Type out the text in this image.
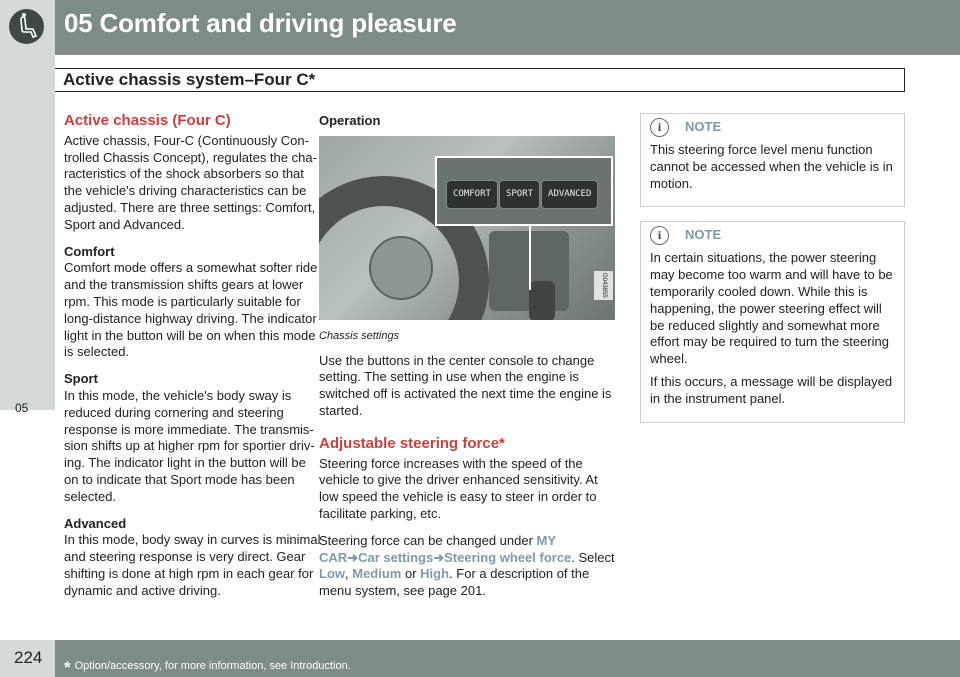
05 Comfort and driving pleasure
Active chassis system–Four C*
05
Active chassis (Four C)

Active chassis, Four-C (Continuously Con-trolled Chassis Concept), regulates the cha-racteristics of the shock absorbers so that the vehicle's driving characteristics can be adjusted. There are three settings: Comfort, Sport and Advanced.

Comfort

Comfort mode offers a somewhat softer ride and the transmission shifts gears at lower rpm. This mode is particularly suitable for long-distance highway driving. The indicator light in the button will be on when this mode is selected.

Sport

In this mode, the vehicle's body sway is reduced during cornering and steering response is more immediate. The transmis-sion shifts up at higher rpm for sportier driv-ing. The indicator light in the button will be on to indicate that Sport mode has been selected.

Advanced

In this mode, body sway in curves is minimal and steering response is very direct. Gear shifting is done at high rpm in each gear for dynamic and active driving.

Operation
COMFORT	SPORT	ADVANCED
G043855
Chassis settings

Use the buttons in the center console to change setting. The setting in use when the engine is switched off is activated the next time the engine is started.

Adjustable steering force*

Steering force increases with the speed of the vehicle to give the driver enhanced sensitivity. At low speed the vehicle is easy to steer in order to facilitate parking, etc.

Steering force can be changed under MY CAR➜Car settings➜Steering wheel force. Select Low, Medium or High. For a description of the menu system, see page 201.

i	NOTE

This steering force level menu function cannot be accessed when the vehicle is in motion.

i	NOTE

In certain situations, the power steering may become too warm and will have to be temporarily cooled down. While this is happening, the power steering effect will be reduced slightly and somewhat more effort may be required to turn the steering wheel.

If this occurs, a message will be displayed in the instrument panel.

224
* Option/accessory, for more information, see Introduction.
